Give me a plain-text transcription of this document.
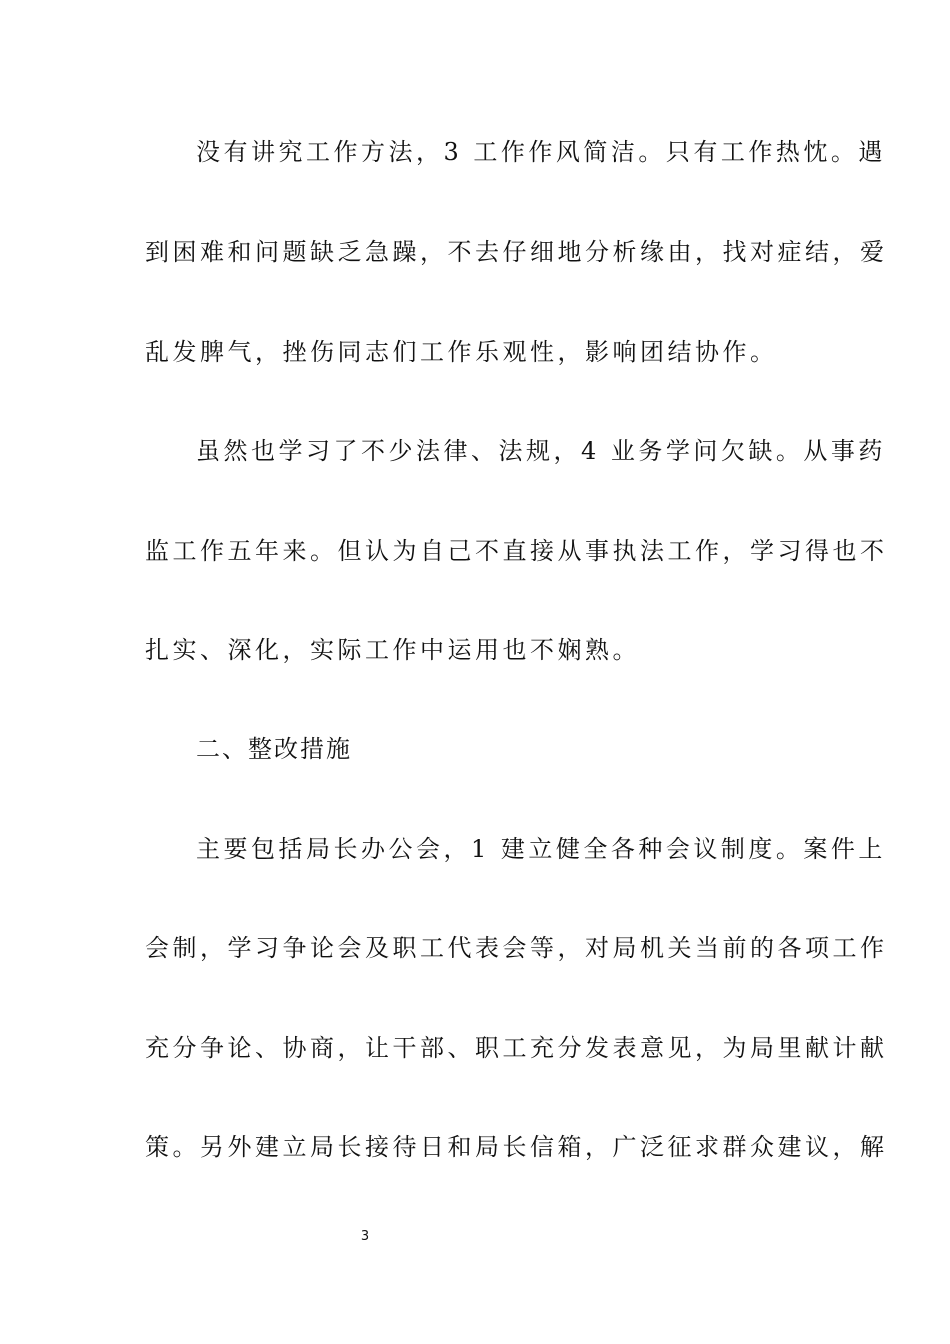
没有讲究工作方法，3 工作作风简洁。只有工作热忱。遇
到困难和问题缺乏急躁，不去仔细地分析缘由，找对症结，爱
乱发脾气，挫伤同志们工作乐观性，影响团结协作。
虽然也学习了不少法律、法规，4 业务学问欠缺。从事药
监工作五年来。但认为自己不直接从事执法工作，学习得也不
扎实、深化，实际工作中运用也不娴熟。
二、整改措施
主要包括局长办公会，1 建立健全各种会议制度。案件上
会制，学习争论会及职工代表会等，对局机关当前的各项工作
充分争论、协商，让干部、职工充分发表意见，为局里献计献
策。另外建立局长接待日和局长信箱，广泛征求群众建议，解
3
